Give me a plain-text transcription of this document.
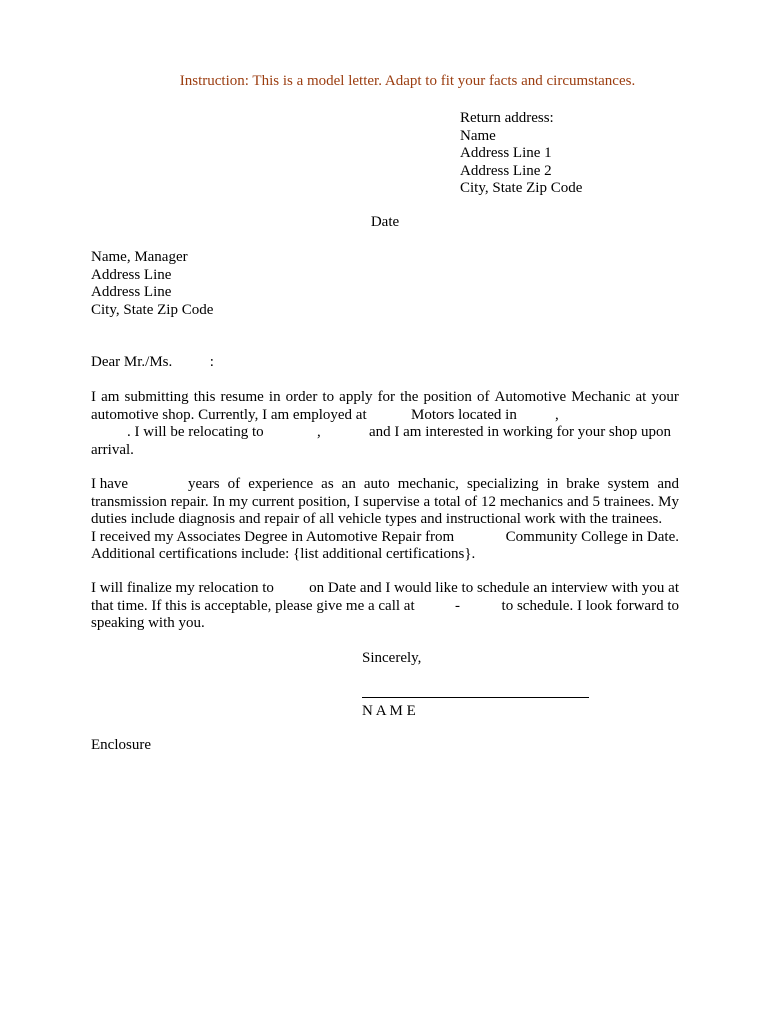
Instruction: This is a model letter. Adapt to fit your facts and circumstances.
Return address:
Name
Address Line 1
Address Line 2
City, State Zip Code
Date
Name, Manager
Address Line
Address Line
City, State Zip Code
Dear Mr./Ms.          :
I am submitting this resume in order to apply for the position of Automotive Mechanic at your
automotive shop. Currently, I am employed at	Motors located in	,
. I will be relocating to	,	and I am interested in working for your shop upon
arrival.
I have	years of experience as an auto mechanic, specializing in brake system and
transmission repair. In my current position, I supervise a total of 12 mechanics and 5 trainees. My
duties include diagnosis and repair of all vehicle types and instructional work with the trainees.
I received my Associates Degree in Automotive Repair from	Community College in Date.
Additional certifications include: {list additional certifications}.
I will finalize my relocation to on Date and I would like to schedule an interview with you at
that time. If this is acceptable, please give me a call at	-	to schedule. I look forward to
speaking with you.
Sincerely,
N A M E
Enclosure
